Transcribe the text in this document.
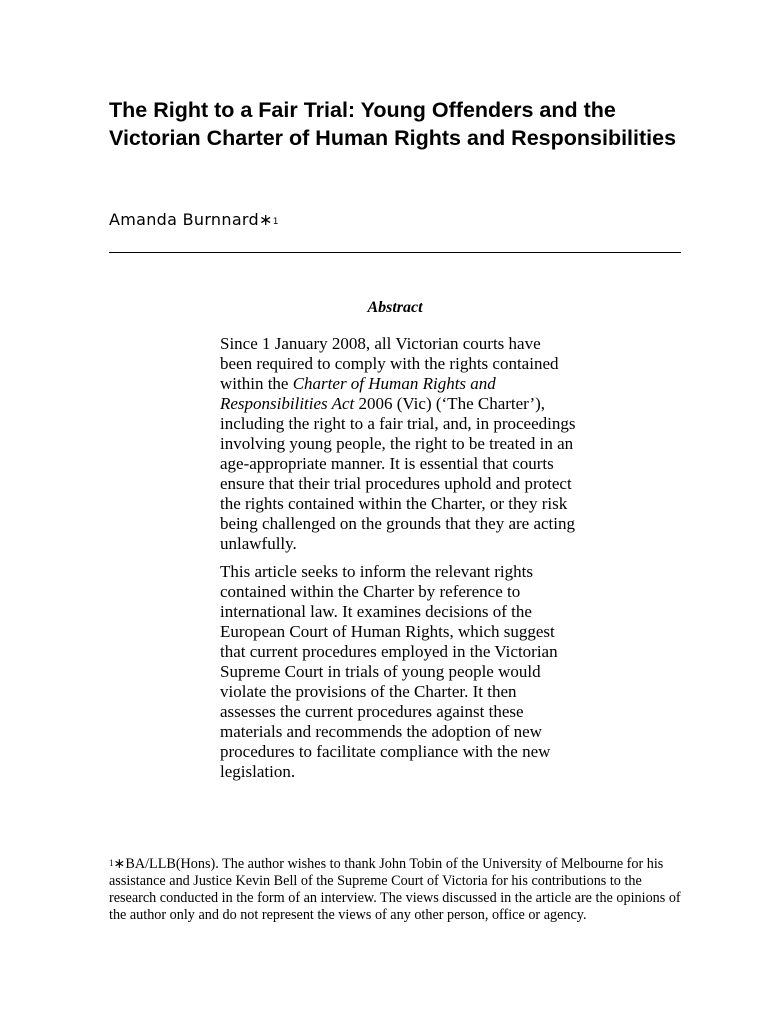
The Right to a Fair Trial: Young Offenders and the Victorian Charter of Human Rights and Responsibilities

Amanda Burnnard∗$^1$

Abstract

Since 1 January 2008, all Victorian courts have been required to comply with the rights contained within the Charter of Human Rights and Responsibilities Act 2006 (Vic) (‘The Charter’), including the right to a fair trial, and, in proceedings involving young people, the right to be treated in an age-appropriate manner. It is essential that courts ensure that their trial procedures uphold and protect the rights contained within the Charter, or they risk being challenged on the grounds that they are acting unlawfully.

This article seeks to inform the relevant rights contained within the Charter by reference to international law. It examines decisions of the European Court of Human Rights, which suggest that current procedures employed in the Victorian Supreme Court in trials of young people would violate the provisions of the Charter. It then assesses the current procedures against these materials and recommends the adoption of new procedures to facilitate compliance with the new legislation.

$^1$∗BA/LLB(Hons). The author wishes to thank John Tobin of the University of Melbourne for his assistance and Justice Kevin Bell of the Supreme Court of Victoria for his contributions to the research conducted in the form of an interview. The views discussed in the article are the opinions of the author only and do not represent the views of any other person, office or agency.
